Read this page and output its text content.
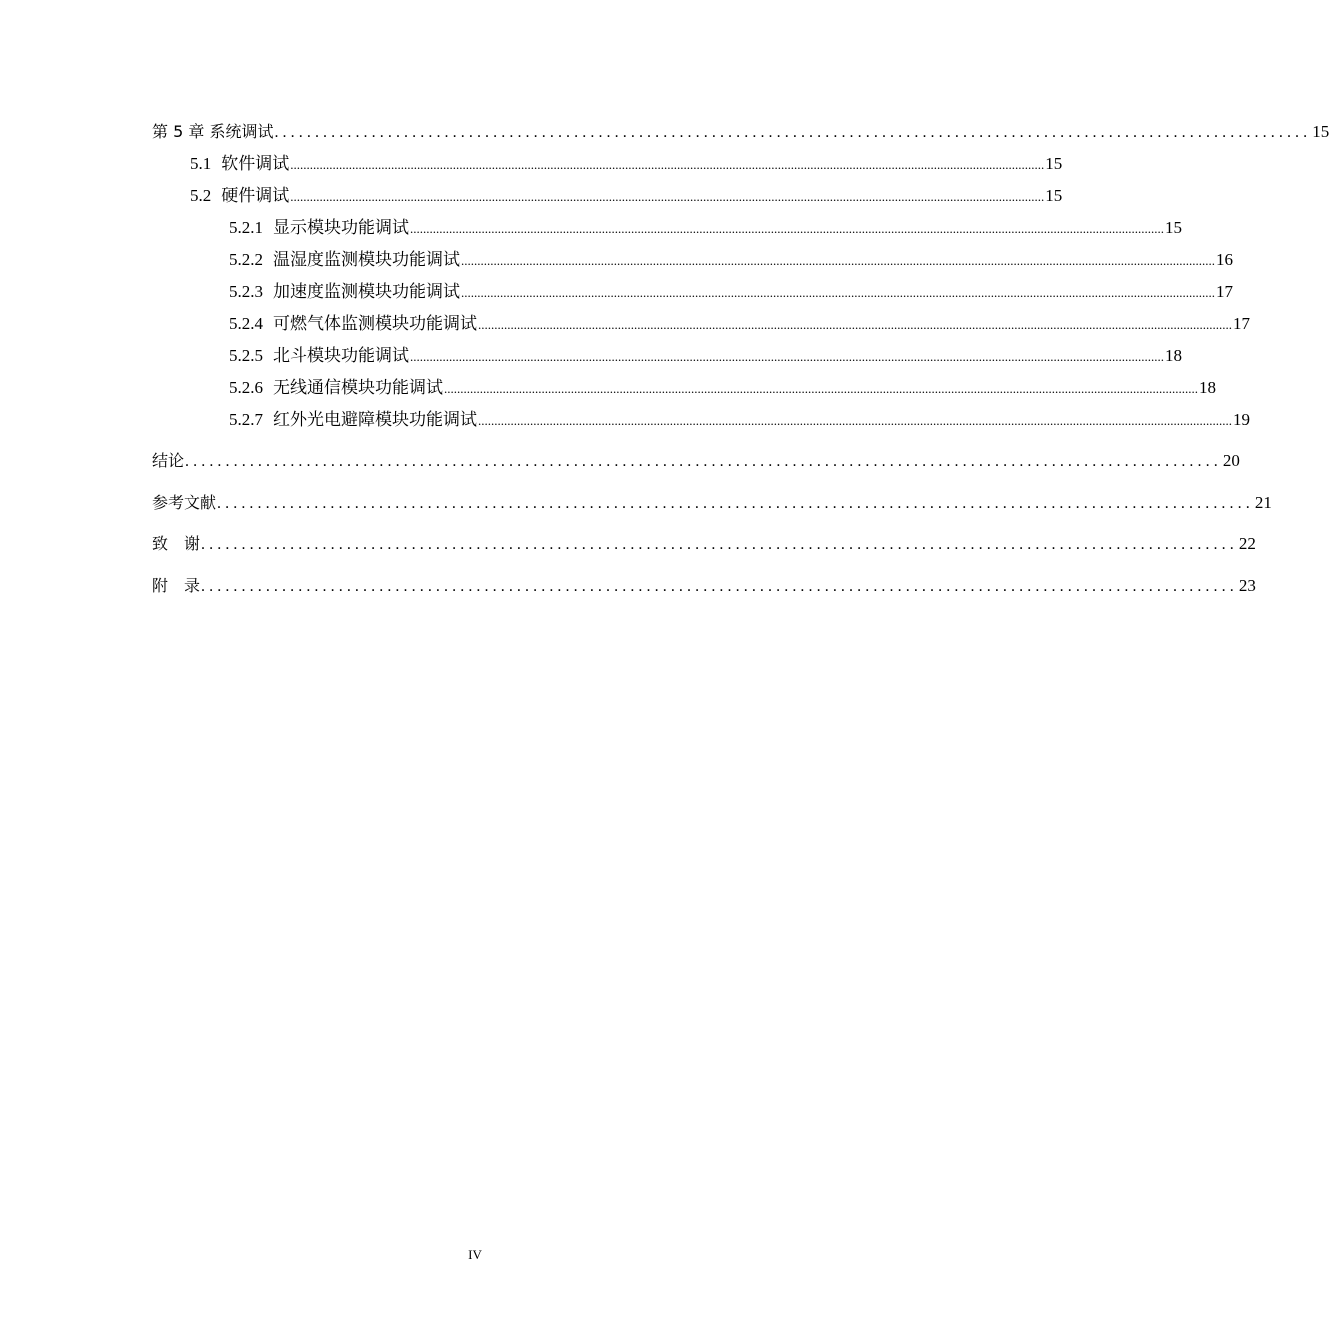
第 5 章 系统调试 ................................................................................................................................ 15
5.1 软件调试 ........................................................................................................................................................................................................................................ 15
5.2 硬件调试 ........................................................................................................................................................................................................................................ 15
5.2.1 显示模块功能调试 ........................................................................................................................................................................................................................................ 15
5.2.2 温湿度监测模块功能调试 ........................................................................................................................................................................................................................................ 16
5.2.3 加速度监测模块功能调试 ........................................................................................................................................................................................................................................ 17
5.2.4 可燃气体监测模块功能调试 ........................................................................................................................................................................................................................................ 17
5.2.5 北斗模块功能调试 ........................................................................................................................................................................................................................................ 18
5.2.6 无线通信模块功能调试 ........................................................................................................................................................................................................................................ 18
5.2.7 红外光电避障模块功能调试 ........................................................................................................................................................................................................................................ 19
结论 ................................................................................................................................ 20
参考文献 ................................................................................................................................ 21
致　谢 ................................................................................................................................ 22
附　录 ................................................................................................................................ 23
IV
